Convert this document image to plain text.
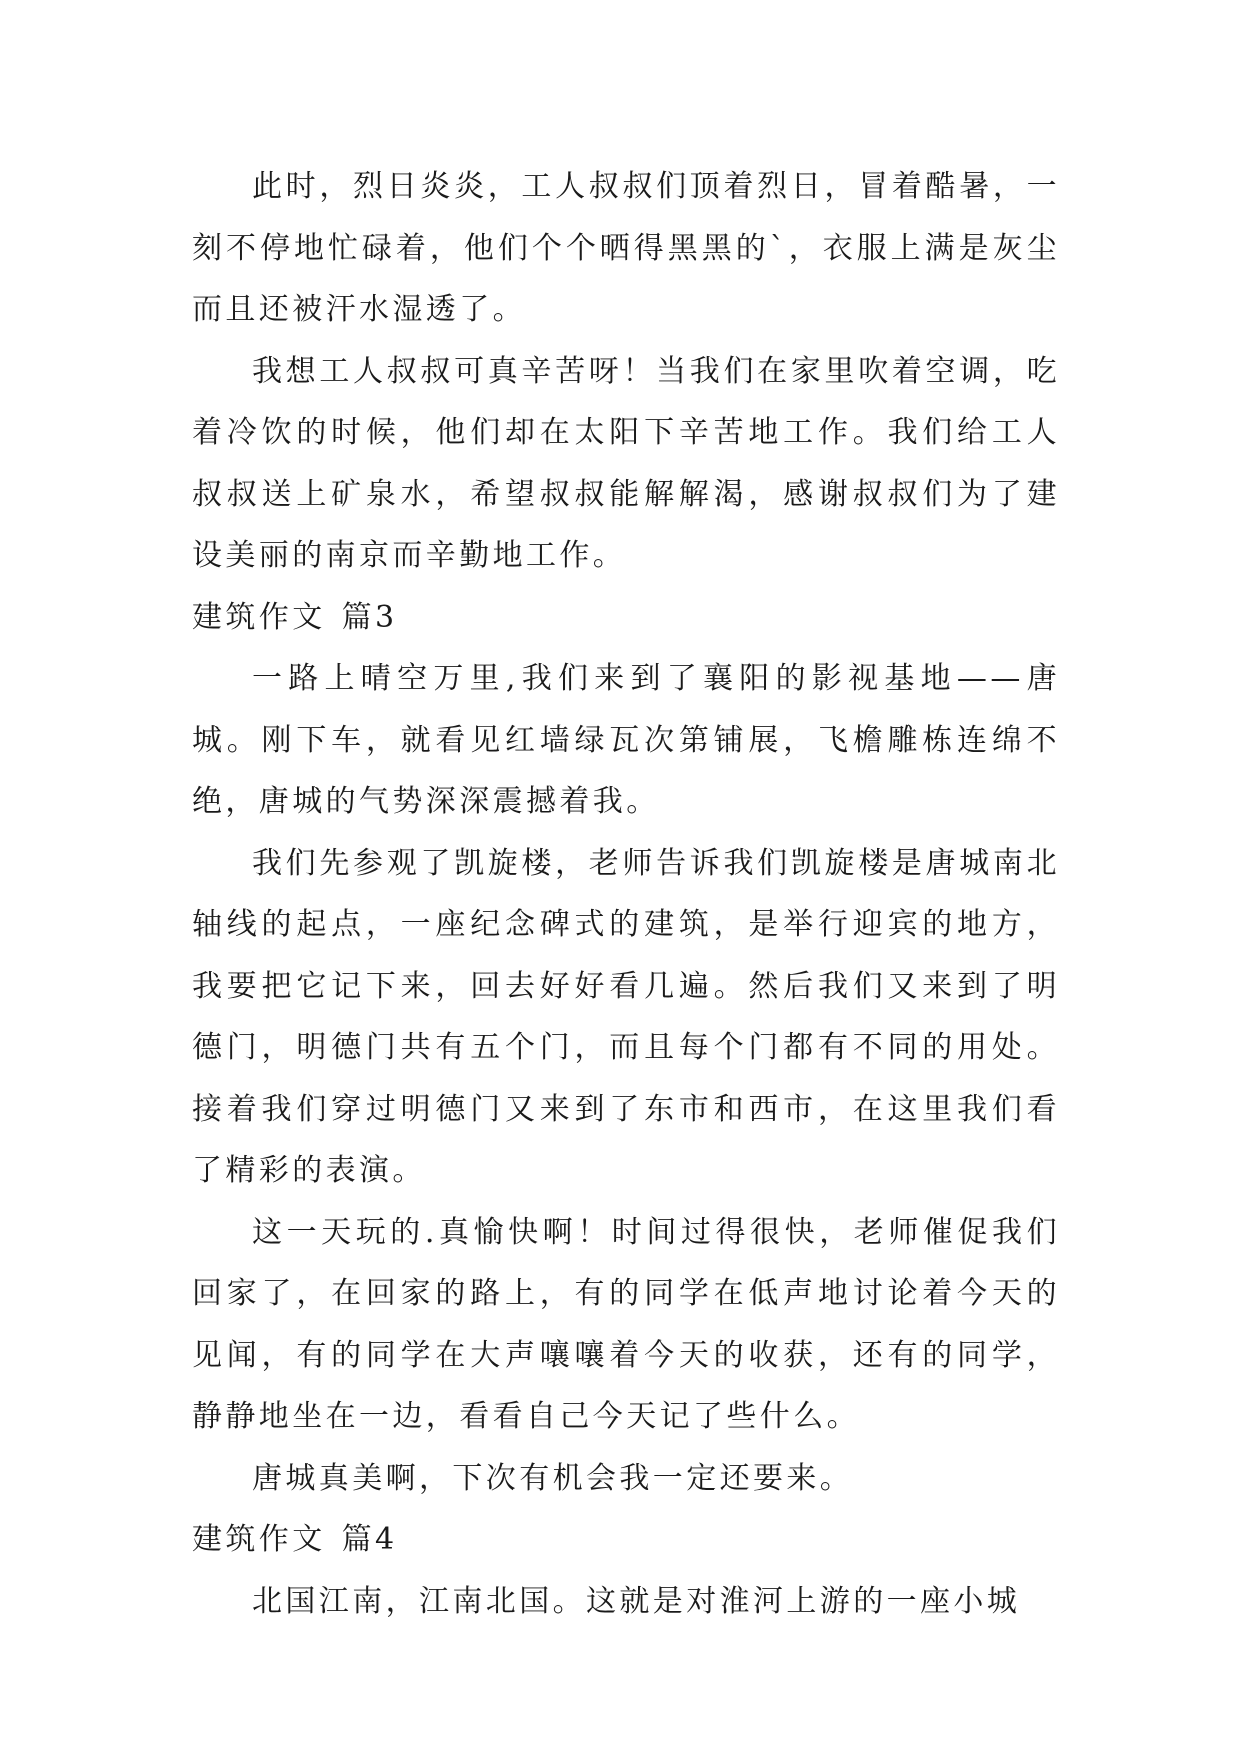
此时，烈日炎炎，工人叔叔们顶着烈日，冒着酷暑，一刻不停地忙碌着，他们个个晒得黑黑的`，衣服上满是灰尘而且还被汗水湿透了。

我想工人叔叔可真辛苦呀！当我们在家里吹着空调，吃着冷饮的时候，他们却在太阳下辛苦地工作。我们给工人叔叔送上矿泉水，希望叔叔能解解渴，感谢叔叔们为了建设美丽的南京而辛勤地工作。

建筑作文 篇3

一路上晴空万里,我们来到了襄阳的影视基地——唐城。刚下车，就看见红墙绿瓦次第铺展，飞檐雕栋连绵不绝，唐城的气势深深震撼着我。

我们先参观了凯旋楼，老师告诉我们凯旋楼是唐城南北轴线的起点，一座纪念碑式的建筑，是举行迎宾的地方，我要把它记下来，回去好好看几遍。然后我们又来到了明德门，明德门共有五个门，而且每个门都有不同的用处。接着我们穿过明德门又来到了东市和西市，在这里我们看了精彩的表演。

这一天玩的.真愉快啊！时间过得很快，老师催促我们回家了，在回家的路上，有的同学在低声地讨论着今天的见闻，有的同学在大声嚷嚷着今天的收获，还有的同学，静静地坐在一边，看看自己今天记了些什么。

唐城真美啊，下次有机会我一定还要来。

建筑作文 篇4

北国江南，江南北国。这就是对淮河上游的一座小城
